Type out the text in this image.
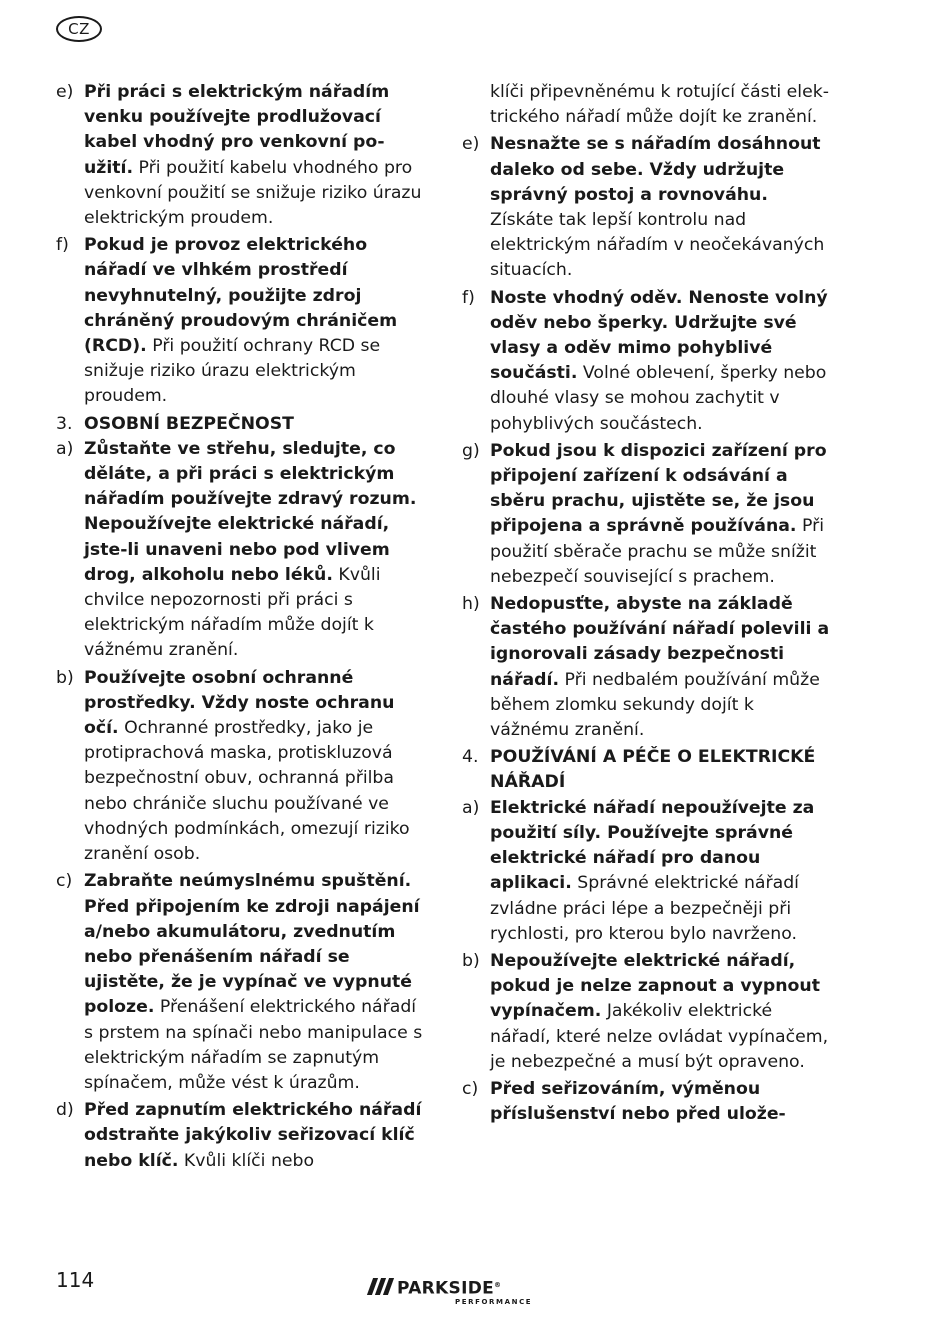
CZ
e) Při práci s elektrickým nářadím venku používejte prodlužovací kabel vhodný pro venkovní použití. Při použití kabelu vhodného pro venkovní použití se snižuje riziko úrazu elektrickým proudem.
f) Pokud je provoz elektrického nářadí ve vlhkém prostředí nevyhnutelný, použijte zdroj chráněný proudovým chráničem (RCD). Při použití ochrany RCD se snižuje riziko úrazu elektrickým proudem.
3. OSOBNÍ BEZPEČNOST
a) Zůstaňte ve střehu, sledujte, co děláte, a při práci s elektrickým nářadím používejte zdravý rozum. Nepoužívejte elektrické nářadí, jste-li unaveni nebo pod vlivem drog, alkoholu nebo léků. Kvůli chvilce nepozornosti při práci s elektrickým nářadím může dojít k vážnému zranění.
b) Používejte osobní ochranné prostředky. Vždy noste ochranu očí. Ochranné prostředky, jako je protiprachová maska, protiskluzová bezpečnostní obuv, ochranná přilba nebo chrániče sluchu používané ve vhodných podmínkách, omezují riziko zranění osob.
c) Zabraňte neúmyslnému spuštění. Před připojením ke zdroji napájení a/nebo akumulátoru, zvednutím nebo přenášením nářadí se ujistěte, že je vypínač ve vypnuté poloze. Přenášení elektrického nářadí s prstem na spínači nebo manipulace s elektrickým nářadím se zapnutým spínačem, může vést k úrazům.
d) Před zapnutím elektrického nářadí odstraňte jakýkoliv seřizovací klíč nebo klíč. Kvůli klíči nebo
klíči připevněnému k rotující části elektrického nářadí může dojít ke zranění.
e) Nesnažte se s nářadím dosáhnout daleko od sebe. Vždy udržujte správný postoj a rovnováhu. Získáte tak lepší kontrolu nad elektrickým nářadím v neočekávaných situacích.
f) Noste vhodný oděv. Nenoste volný oděv nebo šperky. Udržujte své vlasy a oděv mimo pohyblivé součásti. Volné oblечеní, šperky nebo dlouhé vlasy se mohou zachytit v pohyblivých součástech.
g) Pokud jsou k dispozici zařízení pro připojení zařízení k odsávání a sběru prachu, ujistěte se, že jsou připojena a správně používána. Při použití sběrače prachu se může snížit nebezpečí související s prachem.
h) Nedopusťte, abyste na základě častého používání nářadí polevili a ignorovali zásady bezpečnosti nářadí. Při nedbalém používání může během zlomku sekundy dojít k vážnému zranění.
4. POUŽÍVÁNÍ A PÉČE O ELEKTRICKÉ NÁŘADÍ
a) Elektrické nářadí nepoužívejte za použití síly. Používejte správné elektrické nářadí pro danou aplikaci. Správné elektrické nářadí zvládne práci lépe a bezpečněji při rychlosti, pro kterou bylo navrženo.
b) Nepoužívejte elektrické nářadí, pokud je nelze zapnout a vypnout vypínačem. Jakékoliv elektrické nářadí, které nelze ovládat vypínačem, je nebezpečné a musí být opraveno.
c) Před seřizováním, výměnou příslušenství nebo před ulože-
114	PARKSIDE®
PERFORMANCE
